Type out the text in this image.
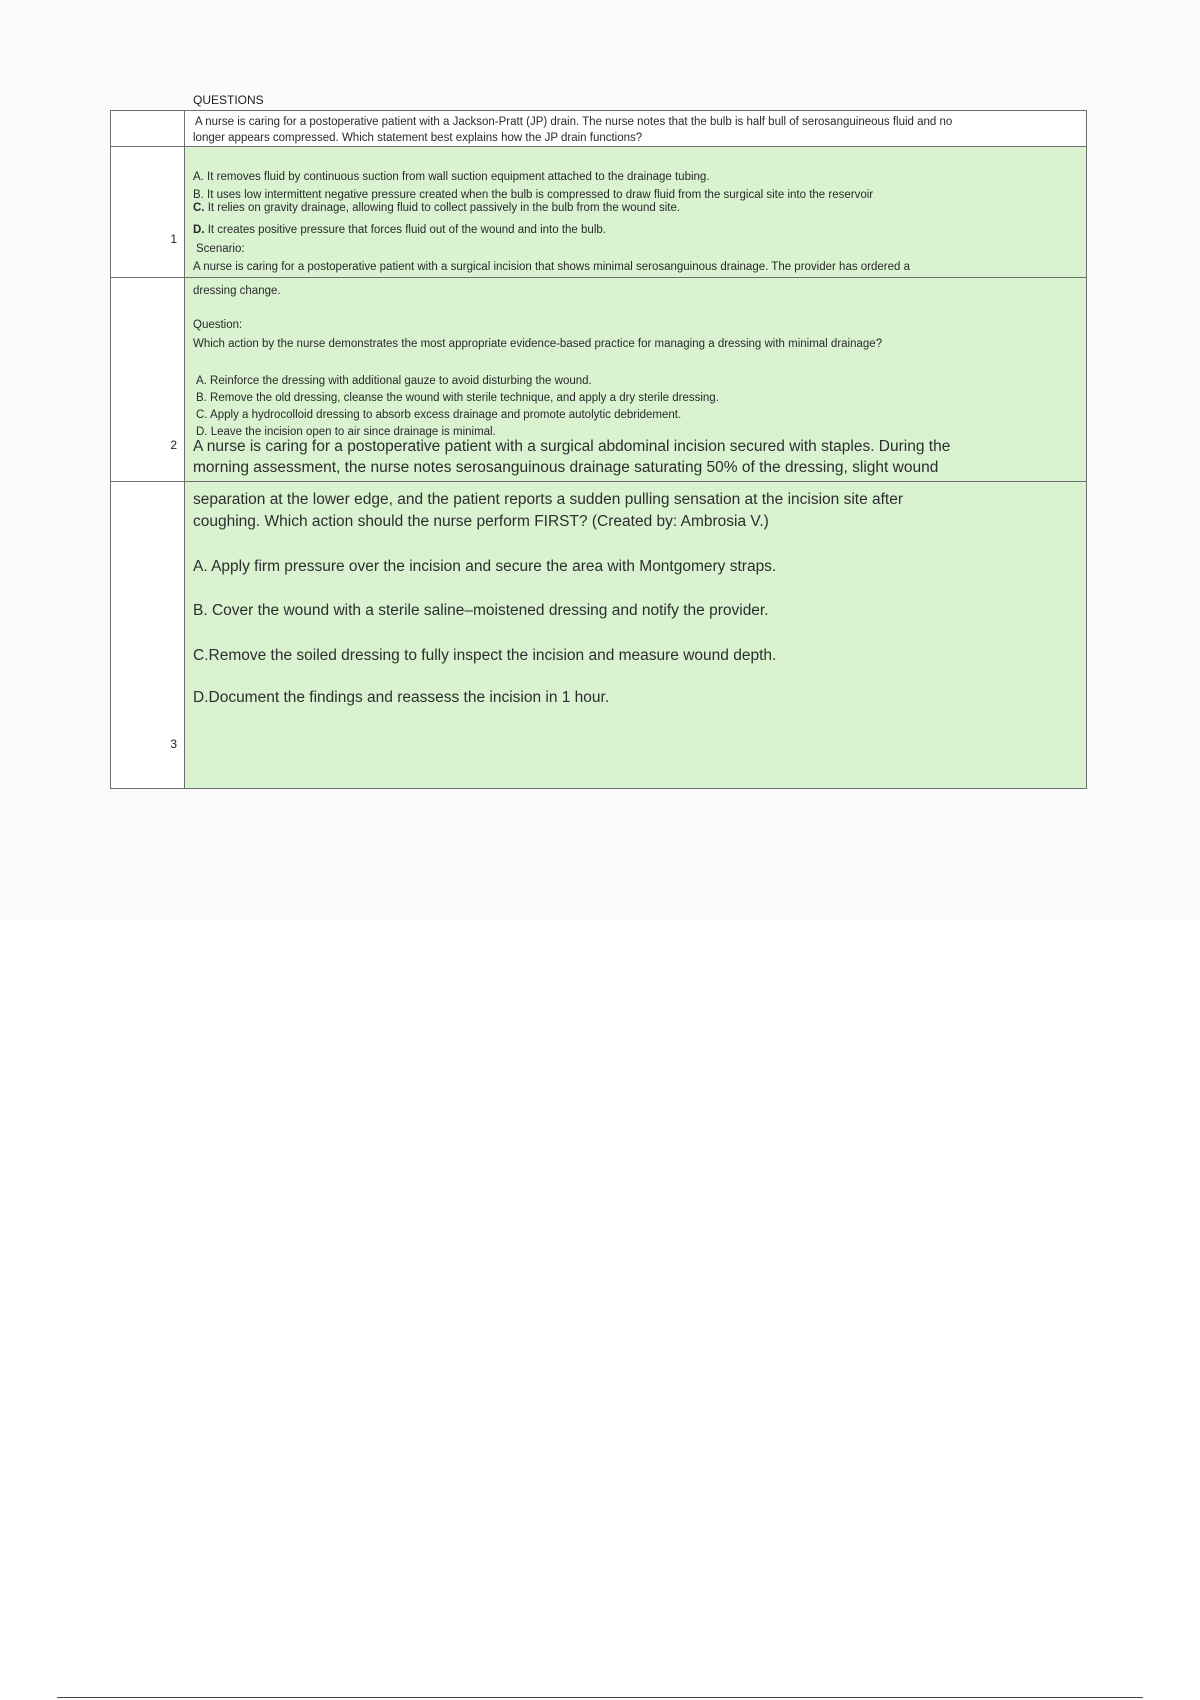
QUESTIONS
A nurse is caring for a postoperative patient with a Jackson-Pratt (JP) drain. The nurse notes that the bulb is half bull of serosanguineous fluid and no
longer appears compressed. Which statement best explains how the JP drain functions?
1
A. It removes fluid by continuous suction from wall suction equipment attached to the drainage tubing.
B. It uses low intermittent negative pressure created when the bulb is compressed to draw fluid from the surgical site into the reservoir
C. It relies on gravity drainage, allowing fluid to collect passively in the bulb from the wound site.
D. It creates positive pressure that forces fluid out of the wound and into the bulb.
Scenario:
A nurse is caring for a postoperative patient with a surgical incision that shows minimal serosanguinous drainage. The provider has ordered a
2
dressing change.
Question:
Which action by the nurse demonstrates the most appropriate evidence-based practice for managing a dressing with minimal drainage?
A. Reinforce the dressing with additional gauze to avoid disturbing the wound.
B. Remove the old dressing, cleanse the wound with sterile technique, and apply a dry sterile dressing.
C. Apply a hydrocolloid dressing to absorb excess drainage and promote autolytic debridement.
D. Leave the incision open to air since drainage is minimal.
A nurse is caring for a postoperative patient with a surgical abdominal incision secured with staples. During the
morning assessment, the nurse notes serosanguinous drainage saturating 50% of the dressing, slight wound
3
separation at the lower edge, and the patient reports a sudden pulling sensation at the incision site after
coughing. Which action should the nurse perform FIRST? (Created by: Ambrosia V.)
A. Apply firm pressure over the incision and secure the area with Montgomery straps.
B. Cover the wound with a sterile saline–moistened dressing and notify the provider.
C.Remove the soiled dressing to fully inspect the incision and measure wound depth.
D.Document the findings and reassess the incision in 1 hour.
